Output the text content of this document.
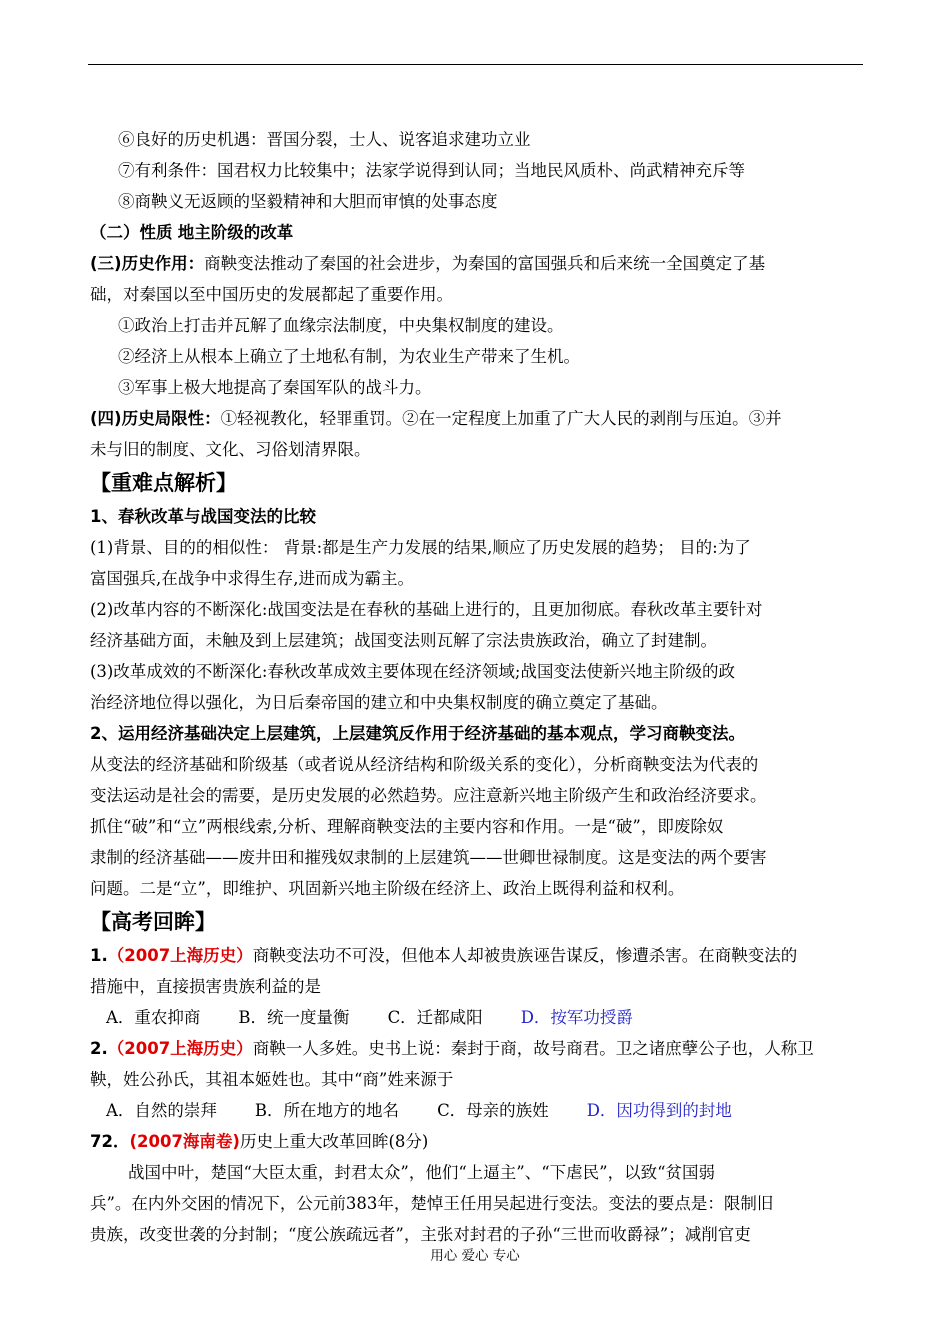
⑥良好的历史机遇：晋国分裂，士人、说客追求建功立业
⑦有利条件：国君权力比较集中；法家学说得到认同；当地民风质朴、尚武精神充斥等
⑧商鞅义无返顾的坚毅精神和大胆而审慎的处事态度
（二）性质 地主阶级的改革
(三)历史作用：商鞅变法推动了秦国的社会进步，为秦国的富国强兵和后来统一全国奠定了基
础，对秦国以至中国历史的发展都起了重要作用。
①政治上打击并瓦解了血缘宗法制度，中央集权制度的建设。
②经济上从根本上确立了土地私有制，为农业生产带来了生机。
③军事上极大地提高了秦国军队的战斗力。
(四)历史局限性：①轻视教化，轻罪重罚。②在一定程度上加重了广大人民的剥削与压迫。③并
未与旧的制度、文化、习俗划清界限。
【重难点解析】
1、春秋改革与战国变法的比较
(1)背景、目的的相似性： 背景:都是生产力发展的结果,顺应了历史发展的趋势； 目的:为了
富国强兵,在战争中求得生存,进而成为霸主。
(2)改革内容的不断深化:战国变法是在春秋的基础上进行的，且更加彻底。春秋改革主要针对
经济基础方面，未触及到上层建筑；战国变法则瓦解了宗法贵族政治，确立了封建制。
(3)改革成效的不断深化:春秋改革成效主要体现在经济领域;战国变法使新兴地主阶级的政
治经济地位得以强化，为日后秦帝国的建立和中央集权制度的确立奠定了基础。
2、运用经济基础决定上层建筑，上层建筑反作用于经济基础的基本观点，学习商鞅变法。
从变法的经济基础和阶级基（或者说从经济结构和阶级关系的变化），分析商鞅变法为代表的
变法运动是社会的需要，是历史发展的必然趋势。应注意新兴地主阶级产生和政治经济要求。
抓住“破”和“立”两根线索,分析、理解商鞅变法的主要内容和作用。一是“破”，即废除奴
隶制的经济基础——废井田和摧残奴隶制的上层建筑——世卿世禄制度。这是变法的两个要害
问题。二是“立”，即维护、巩固新兴地主阶级在经济上、政治上既得利益和权利。
【高考回眸】
1.（2007上海历史）商鞅变法功不可没，但他本人却被贵族诬告谋反，惨遭杀害。在商鞅变法的
措施中，直接损害贵族利益的是
A．重农抑商 B．统一度量衡 C．迁都咸阳 D．按军功授爵
2.（2007上海历史）商鞅一人多姓。史书上说：秦封于商，故号商君。卫之诸庶孽公子也，人称卫
鞅，姓公孙氏，其祖本姬姓也。其中“商”姓来源于
A．自然的崇拜 B．所在地方的地名 C．母亲的族姓 D．因功得到的封地
72．(2007海南卷)历史上重大改革回眸(8分)
战国中叶，楚国“大臣太重，封君太众”，他们“上逼主”、“下虐民”，以致“贫国弱
兵”。在内外交困的情况下，公元前383年，楚悼王任用吴起进行变法。变法的要点是：限制旧
贵族，改变世袭的分封制；“度公族疏远者”，主张对封君的子孙“三世而收爵禄”；减削官吏
用心 爱心 专心
